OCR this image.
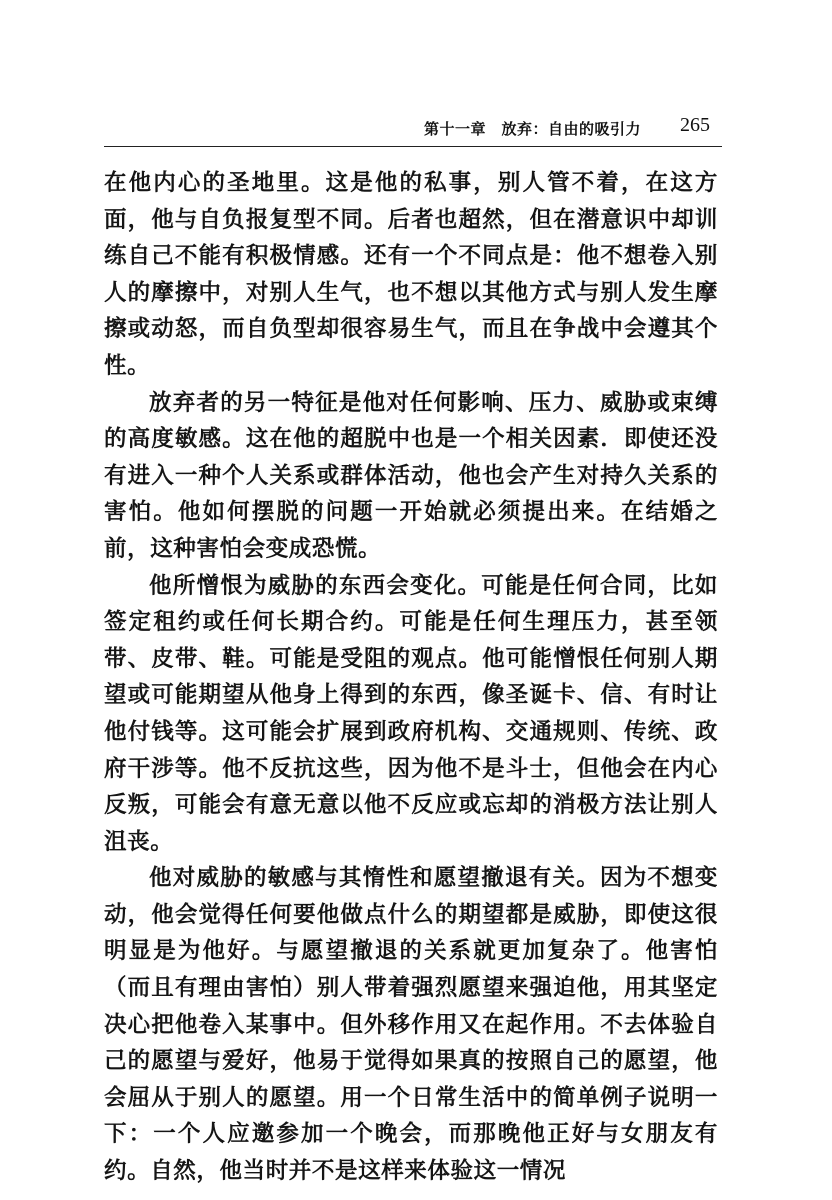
第十一章　放弃：自由的吸引力 265

在他内心的圣地里。这是他的私事，别人管不着，在这方面，他与自负报复型不同。后者也超然，但在潜意识中却训练自己不能有积极情感。还有一个不同点是：他不想卷入别人的摩擦中，对别人生气，也不想以其他方式与别人发生摩擦或动怒，而自负型却很容易生气，而且在争战中会遵其个性。

放弃者的另一特征是他对任何影响、压力、威胁或束缚的高度敏感。这在他的超脱中也是一个相关因素．即使还没有进入一种个人关系或群体活动，他也会产生对持久关系的害怕。他如何摆脱的问题一开始就必须提出来。在结婚之前，这种害怕会变成恐慌。

他所憎恨为威胁的东西会变化。可能是任何合同，比如签定租约或任何长期合约。可能是任何生理压力，甚至领带、皮带、鞋。可能是受阻的观点。他可能憎恨任何别人期望或可能期望从他身上得到的东西，像圣诞卡、信、有时让他付钱等。这可能会扩展到政府机构、交通规则、传统、政府干涉等。他不反抗这些，因为他不是斗士，但他会在内心反叛，可能会有意无意以他不反应或忘却的消极方法让别人沮丧。

他对威胁的敏感与其惰性和愿望撤退有关。因为不想变动，他会觉得任何要他做点什么的期望都是威胁，即使这很明显是为他好。与愿望撤退的关系就更加复杂了。他害怕（而且有理由害怕）别人带着强烈愿望来强迫他，用其坚定决心把他卷入某事中。但外移作用又在起作用。不去体验自己的愿望与爱好，他易于觉得如果真的按照自己的愿望，他会屈从于别人的愿望。用一个日常生活中的简单例子说明一下：一个人应邀参加一个晚会，而那晚他正好与女朋友有约。自然，他当时并不是这样来体验这一情况
